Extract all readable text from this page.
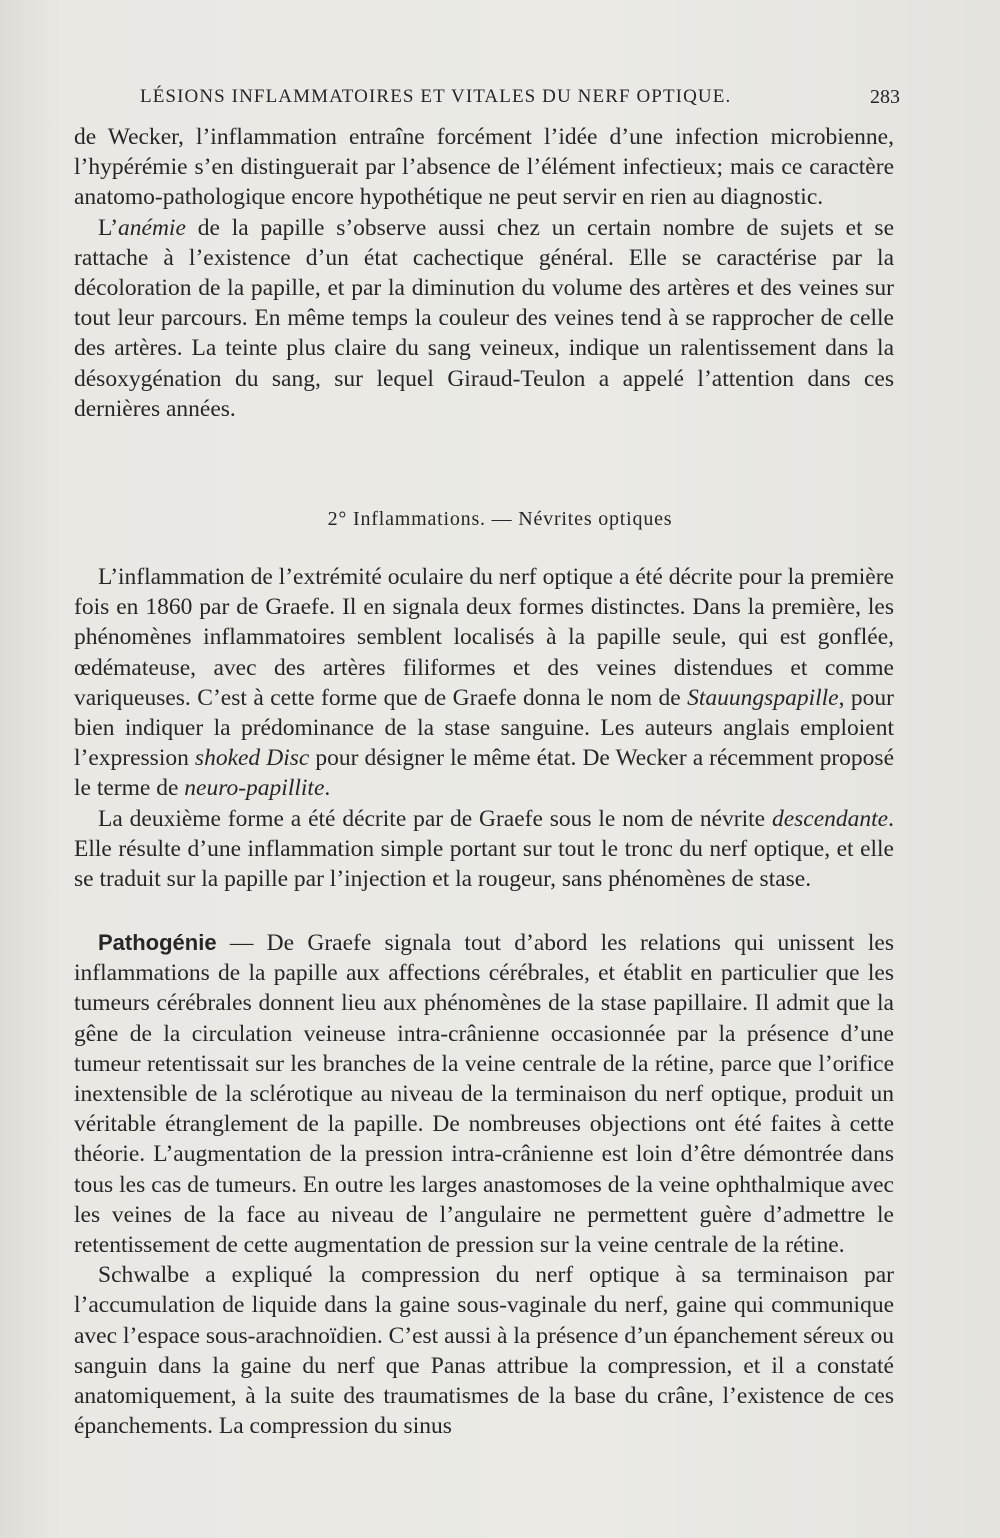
LÉSIONS INFLAMMATOIRES ET VITALES DU NERF OPTIQUE.	283

de Wecker, l’inflammation entraîne forcément l’idée d’une infection microbienne, l’hypérémie s’en distinguerait par l’absence de l’élément infectieux; mais ce caractère anatomo-pathologique encore hypothétique ne peut servir en rien au diagnostic.

L’anémie de la papille s’observe aussi chez un certain nombre de sujets et se rattache à l’existence d’un état cachectique général. Elle se caractérise par la décoloration de la papille, et par la diminution du volume des artères et des veines sur tout leur parcours. En même temps la couleur des veines tend à se rapprocher de celle des artères. La teinte plus claire du sang veineux, indique un ralentissement dans la désoxygénation du sang, sur lequel Giraud-Teulon a appelé l’attention dans ces dernières années.

2° Inflammations. — Névrites optiques

L’inflammation de l’extrémité oculaire du nerf optique a été décrite pour la première fois en 1860 par de Graefe. Il en signala deux formes distinctes. Dans la première, les phénomènes inflammatoires semblent localisés à la papille seule, qui est gonflée, œdémateuse, avec des artères filiformes et des veines distendues et comme variqueuses. C’est à cette forme que de Graefe donna le nom de Stauungspapille, pour bien indiquer la prédominance de la stase sanguine. Les auteurs anglais emploient l’expression shoked Disc pour désigner le même état. De Wecker a récemment proposé le terme de neuro-papillite.

La deuxième forme a été décrite par de Graefe sous le nom de névrite descendante. Elle résulte d’une inflammation simple portant sur tout le tronc du nerf optique, et elle se traduit sur la papille par l’injection et la rougeur, sans phénomènes de stase.

Pathogénie — De Graefe signala tout d’abord les relations qui unissent les inflammations de la papille aux affections cérébrales, et établit en particulier que les tumeurs cérébrales donnent lieu aux phénomènes de la stase papillaire. Il admit que la gêne de la circulation veineuse intra-crânienne occasionnée par la présence d’une tumeur retentissait sur les branches de la veine centrale de la rétine, parce que l’orifice inextensible de la sclérotique au niveau de la terminaison du nerf optique, produit un véritable étranglement de la papille. De nombreuses objections ont été faites à cette théorie. L’augmentation de la pression intra-crânienne est loin d’être démontrée dans tous les cas de tumeurs. En outre les larges anastomoses de la veine ophthalmique avec les veines de la face au niveau de l’angulaire ne permettent guère d’admettre le retentissement de cette augmentation de pression sur la veine centrale de la rétine.

Schwalbe a expliqué la compression du nerf optique à sa terminaison par l’accumulation de liquide dans la gaine sous-vaginale du nerf, gaine qui communique avec l’espace sous-arachnoïdien. C’est aussi à la présence d’un épanchement séreux ou sanguin dans la gaine du nerf que Panas attribue la compression, et il a constaté anatomiquement, à la suite des traumatismes de la base du crâne, l’existence de ces épanchements. La compression du sinus
